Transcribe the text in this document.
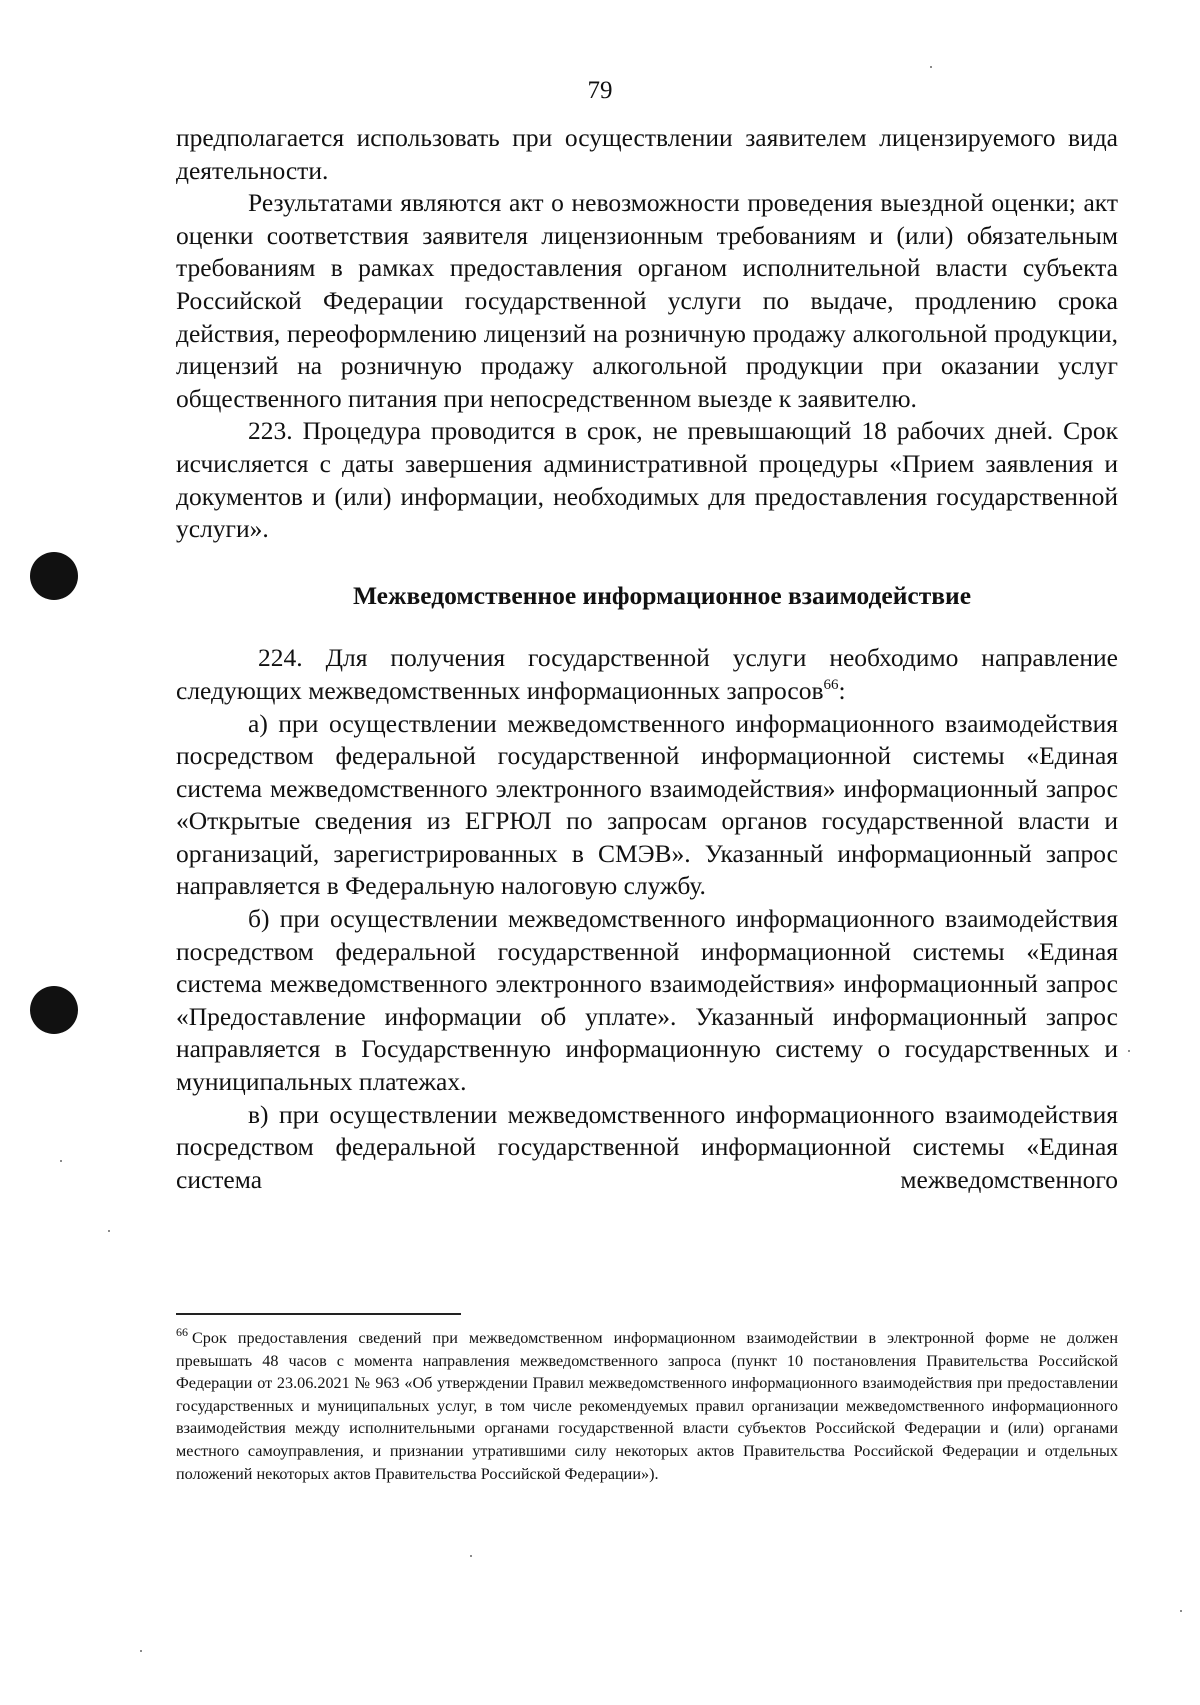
79

предполагается использовать при осуществлении заявителем лицензируемого вида деятельности.

Результатами являются акт о невозможности проведения выездной оценки; акт оценки соответствия заявителя лицензионным требованиям и (или) обязательным требованиям в рамках предоставления органом исполнительной власти субъекта Российской Федерации государственной услуги по выдаче, продлению срока действия, переоформлению лицензий на розничную продажу алкогольной продукции, лицензий на розничную продажу алкогольной продукции при оказании услуг общественного питания при непосредственном выезде к заявителю.

223. Процедура проводится в срок, не превышающий 18 рабочих дней. Срок исчисляется с даты завершения административной процедуры «Прием заявления и документов и (или) информации, необходимых для предоставления государственной услуги».

Межведомственное информационное взаимодействие

224. Для получения государственной услуги необходимо направление следующих межведомственных информационных запросов$^{66}$:

а) при осуществлении межведомственного информационного взаимодействия посредством федеральной государственной информационной системы «Единая система межведомственного электронного взаимодействия» информационный запрос «Открытые сведения из ЕГРЮЛ по запросам органов государственной власти и организаций, зарегистрированных в СМЭВ». Указанный информационный запрос направляется в Федеральную налоговую службу.

б) при осуществлении межведомственного информационного взаимодействия посредством федеральной государственной информационной системы «Единая система межведомственного электронного взаимодействия» информационный запрос «Предоставление информации об уплате». Указанный информационный запрос направляется в Государственную информационную систему о государственных и муниципальных платежах.

в) при осуществлении межведомственного информационного взаимодействия посредством федеральной государственной информационной системы «Единая система межведомственного

$^{66}$ Срок предоставления сведений при межведомственном информационном взаимодействии в электронной форме не должен превышать 48 часов с момента направления межведомственного запроса (пункт 10 постановления Правительства Российской Федерации от 23.06.2021 № 963 «Об утверждении Правил межведомственного информационного взаимодействия при предоставлении государственных и муниципальных услуг, в том числе рекомендуемых правил организации межведомственного информационного взаимодействия между исполнительными органами государственной власти субъектов Российской Федерации и (или) органами местного самоуправления, и признании утратившими силу некоторых актов Правительства Российской Федерации и отдельных положений некоторых актов Правительства Российской Федерации»).
